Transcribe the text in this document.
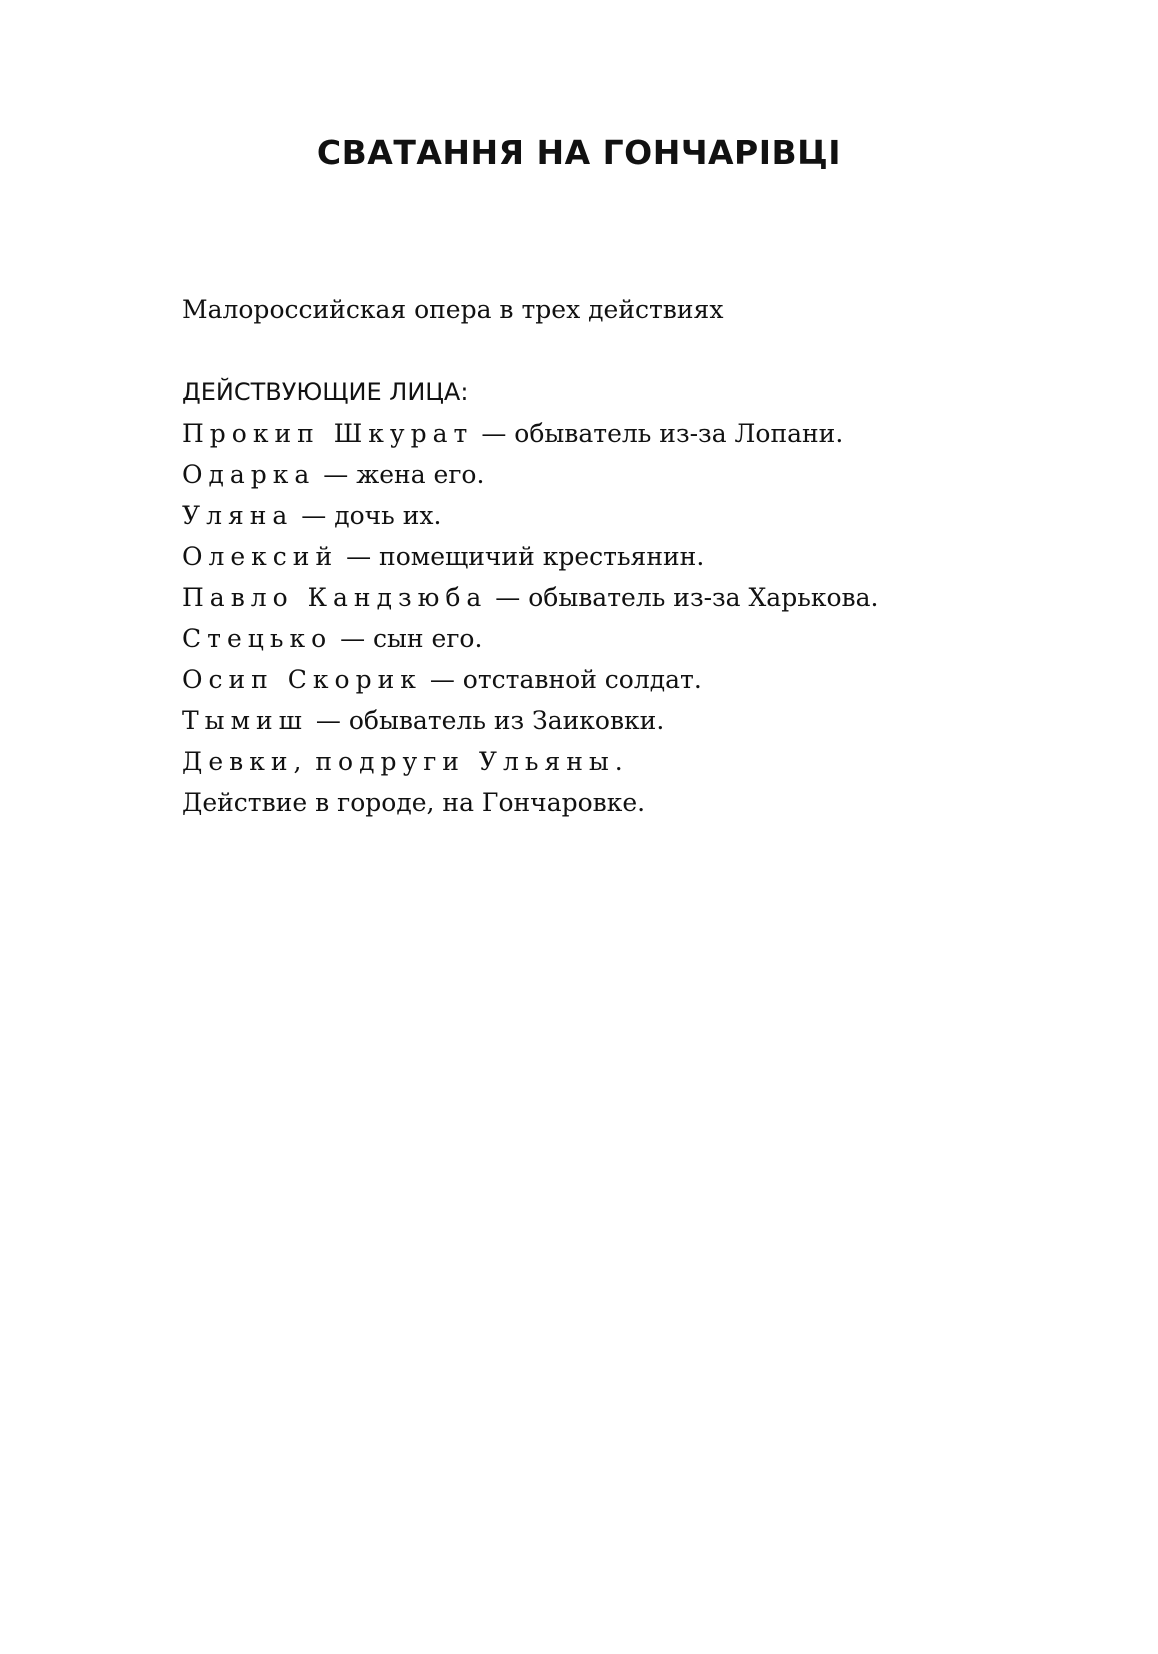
СВАТАННЯ НА ГОНЧАРІВЦІ

Малороссийская опера в трех действиях

ДЕЙСТВУЮЩИЕ ЛИЦА:
Прокип Шкурат — обыватель из-за Лопани.
Одарка — жена его.
Уляна — дочь их.
Олексий — помещичий крестьянин.
Павло Кандзюба — обыватель из-за Харькова.
Стецько — сын его.
Осип Скорик — отставной солдат.
Тымиш — обыватель из Заиковки.
Девки, подруги Ульяны.
Действие в городе, на Гончаровке.
